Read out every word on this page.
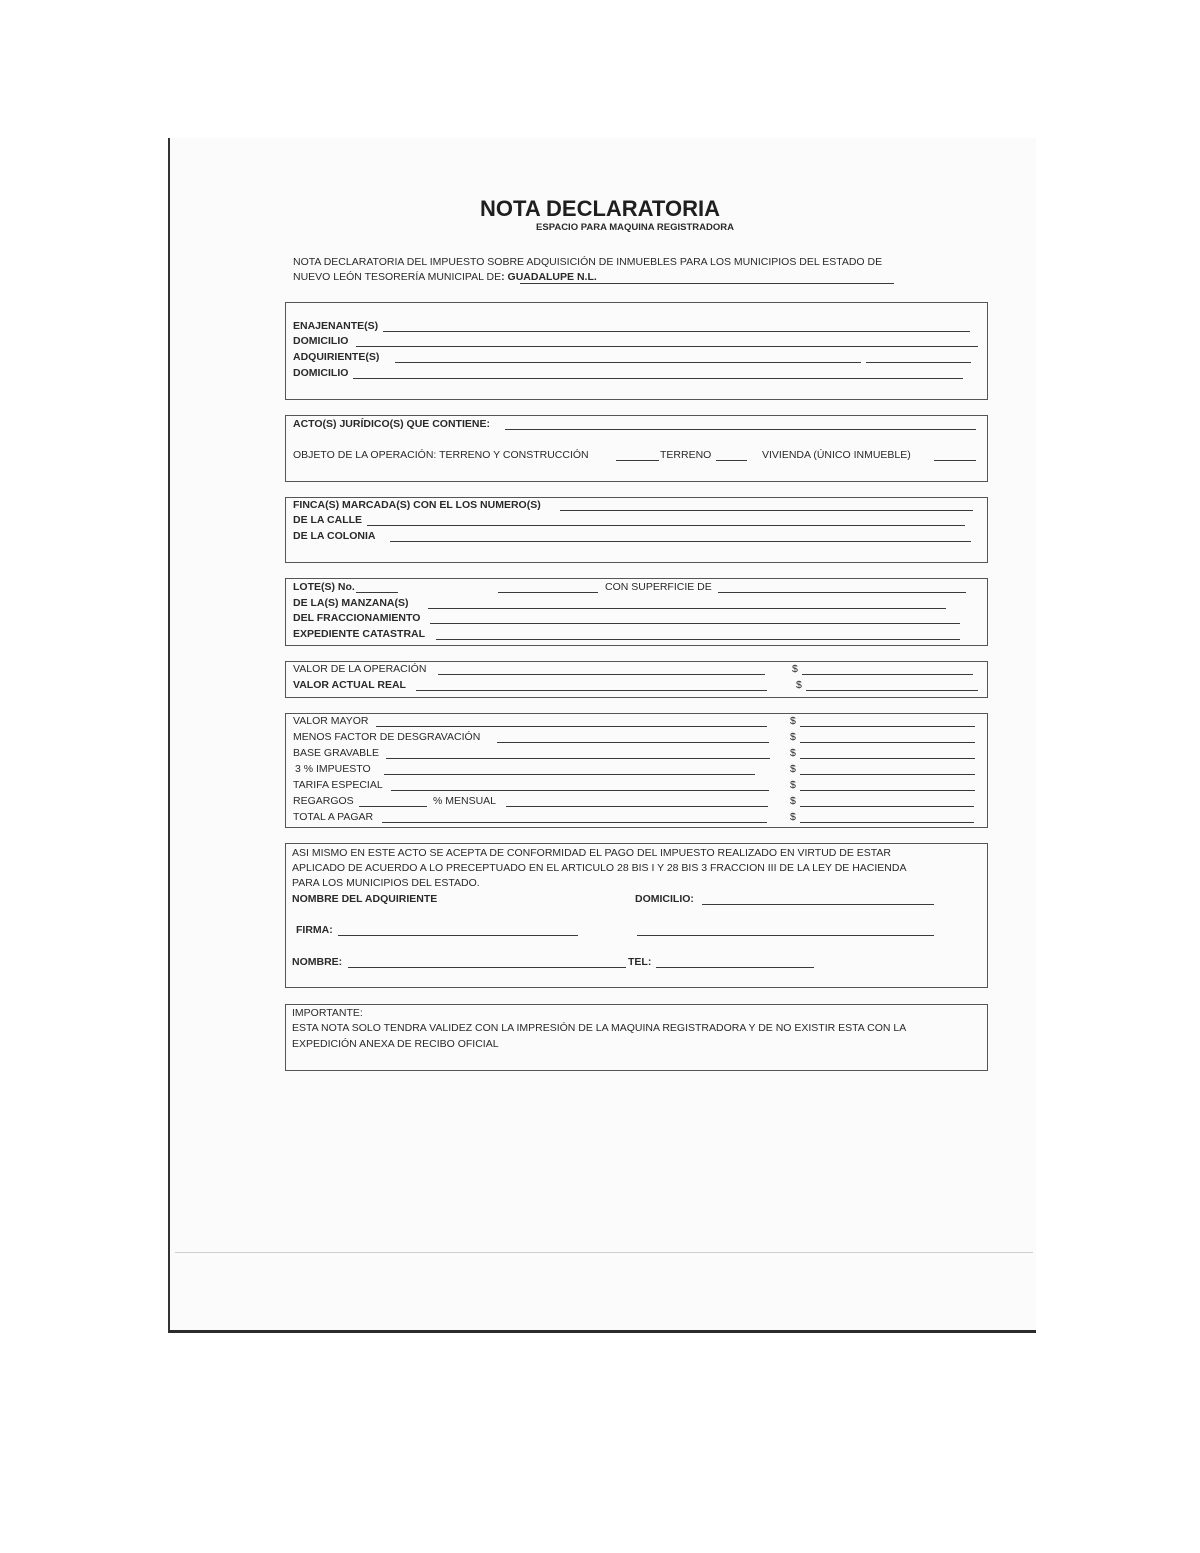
NOTA DECLARATORIA
ESPACIO PARA MAQUINA REGISTRADORA
NOTA DECLARATORIA DEL IMPUESTO SOBRE ADQUISICIÓN DE INMUEBLES PARA LOS MUNICIPIOS DEL ESTADO DE
NUEVO LEÓN TESORERÍA MUNICIPAL DE: GUADALUPE N.L.
ENAJENANTE(S)
DOMICILIO
ADQUIRIENTE(S)
DOMICILIO
ACTO(S) JURÍDICO(S) QUE CONTIENE:
OBJETO DE LA OPERACIÓN: TERRENO Y CONSTRUCCIÓN	TERRENO	VIVIENDA (ÚNICO INMUEBLE)
FINCA(S) MARCADA(S) CON EL LOS NUMERO(S)
DE LA CALLE
DE LA COLONIA
LOTE(S) No.	CON SUPERFICIE DE
DE LA(S) MANZANA(S)
DEL FRACCIONAMIENTO
EXPEDIENTE CATASTRAL
VALOR DE LA OPERACIÓN	$
VALOR ACTUAL REAL	$
VALOR MAYOR	$
MENOS FACTOR DE DESGRAVACIÓN	$
BASE GRAVABLE	$
3 % IMPUESTO	$
TARIFA ESPECIAL	$
REGARGOS	% MENSUAL	$
TOTAL A PAGAR	$
ASI MISMO EN ESTE ACTO SE ACEPTA DE CONFORMIDAD EL PAGO DEL IMPUESTO REALIZADO EN VIRTUD DE ESTAR
APLICADO DE ACUERDO A LO PRECEPTUADO EN EL ARTICULO 28 BIS I Y 28 BIS 3 FRACCION III DE LA LEY DE HACIENDA
PARA LOS MUNICIPIOS DEL ESTADO.
NOMBRE DEL ADQUIRIENTE	DOMICILIO:
FIRMA:
NOMBRE:	TEL:
IMPORTANTE:
ESTA NOTA SOLO TENDRA VALIDEZ CON LA IMPRESIÓN DE LA MAQUINA REGISTRADORA Y DE NO EXISTIR ESTA CON LA
EXPEDICIÓN ANEXA DE RECIBO OFICIAL
